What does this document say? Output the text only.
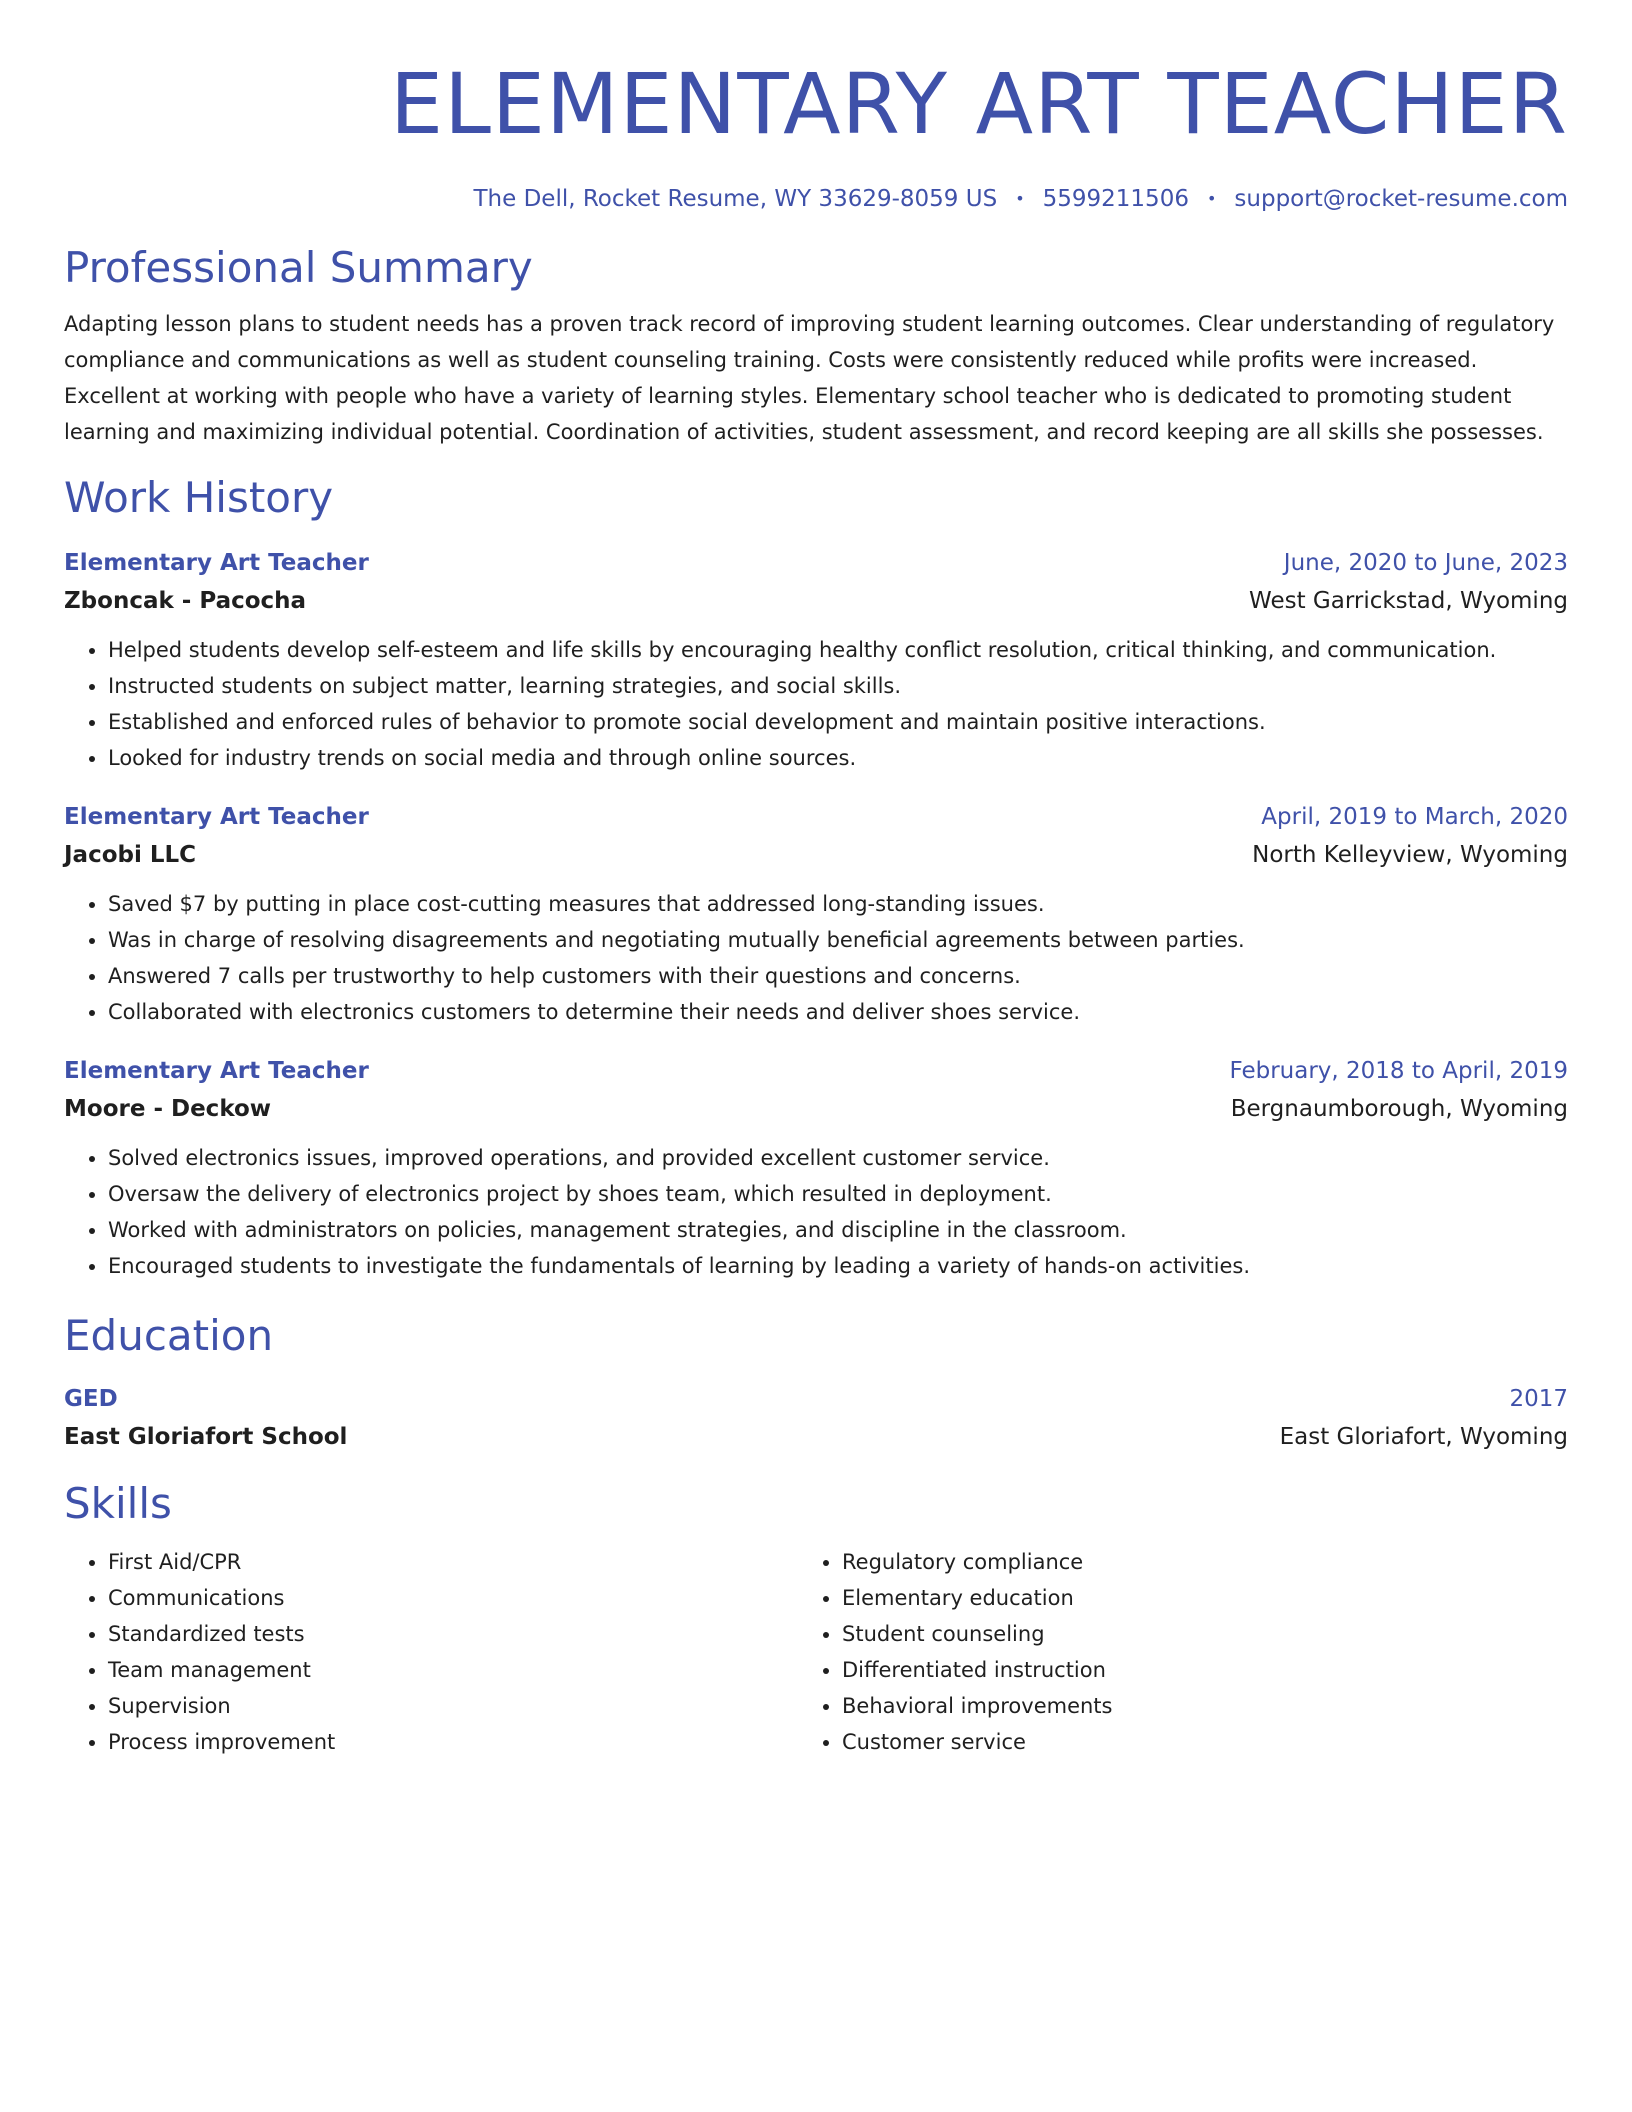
ELEMENTARY ART TEACHER
The Dell, Rocket Resume, WY 33629-8059 US • 5599211506 • support@rocket-resume.com
Professional Summary
Adapting lesson plans to student needs has a proven track record of improving student learning outcomes. Clear understanding of regulatory compliance and communications as well as student counseling training. Costs were consistently reduced while profits were increased. Excellent at working with people who have a variety of learning styles. Elementary school teacher who is dedicated to promoting student learning and maximizing individual potential. Coordination of activities, student assessment, and record keeping are all skills she possesses.
Work History
Elementary Art Teacher	June, 2020 to June, 2023
Zboncak - Pacocha	West Garrickstad, Wyoming
• Helped students develop self-esteem and life skills by encouraging healthy conflict resolution, critical thinking, and communication.
• Instructed students on subject matter, learning strategies, and social skills.
• Established and enforced rules of behavior to promote social development and maintain positive interactions.
• Looked for industry trends on social media and through online sources.
Elementary Art Teacher	April, 2019 to March, 2020
Jacobi LLC	North Kelleyview, Wyoming
• Saved $7 by putting in place cost-cutting measures that addressed long-standing issues.
• Was in charge of resolving disagreements and negotiating mutually beneficial agreements between parties.
• Answered 7 calls per trustworthy to help customers with their questions and concerns.
• Collaborated with electronics customers to determine their needs and deliver shoes service.
Elementary Art Teacher	February, 2018 to April, 2019
Moore - Deckow	Bergnaumborough, Wyoming
• Solved electronics issues, improved operations, and provided excellent customer service.
• Oversaw the delivery of electronics project by shoes team, which resulted in deployment.
• Worked with administrators on policies, management strategies, and discipline in the classroom.
• Encouraged students to investigate the fundamentals of learning by leading a variety of hands-on activities.
Education
GED	2017
East Gloriafort School	East Gloriafort, Wyoming
Skills
• First Aid/CPR
• Communications
• Standardized tests
• Team management
• Supervision
• Process improvement
• Regulatory compliance
• Elementary education
• Student counseling
• Differentiated instruction
• Behavioral improvements
• Customer service
